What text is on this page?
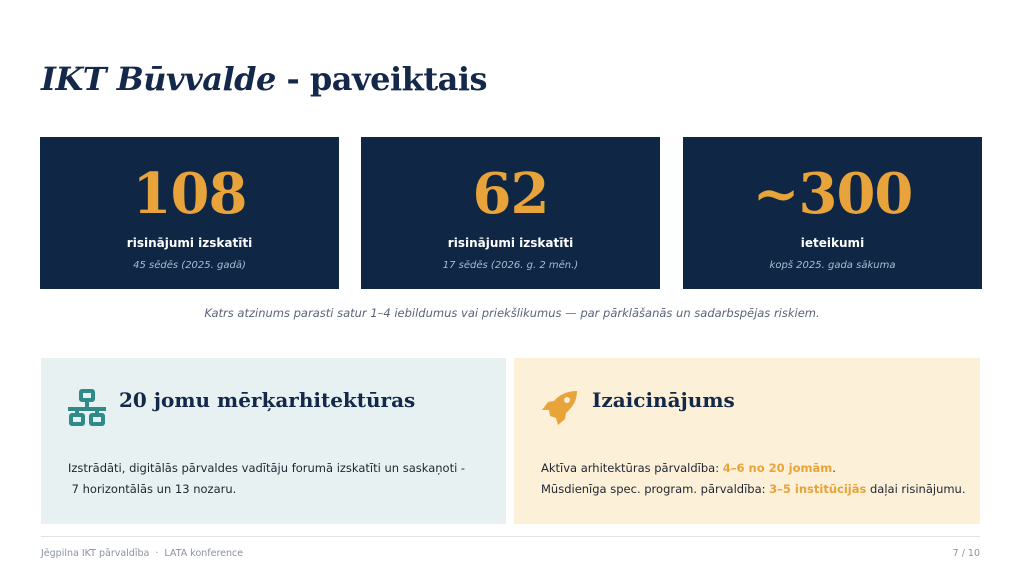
IKT Būvvalde - paveiktais
108
risinājumi izskatīti
45 sēdēs (2025. gadā)
62
risinājumi izskatīti
17 sēdēs (2026. g. 2 mēn.)
~300
ieteikumi
kopš 2025. gada sākuma
Katrs atzinums parasti satur 1–4 iebildumus vai priekšlikumus — par pārklāšanās un sadarbspējas riskiem.
20 jomu mērķarhitektūras
Izstrādāti, digitālās pārvaldes vadītāju forumā izskatīti un saskaņoti -
7 horizontālās un 13 nozaru.
Izaicinājums
Aktīva arhitektūras pārvaldība: 4–6 no 20 jomām.
Mūsdienīga spec. program. pārvaldība: 3–5 institūcijās daļai risinājumu.
Jēgpilna IKT pārvaldība  ·  LATA konference	7 / 10
